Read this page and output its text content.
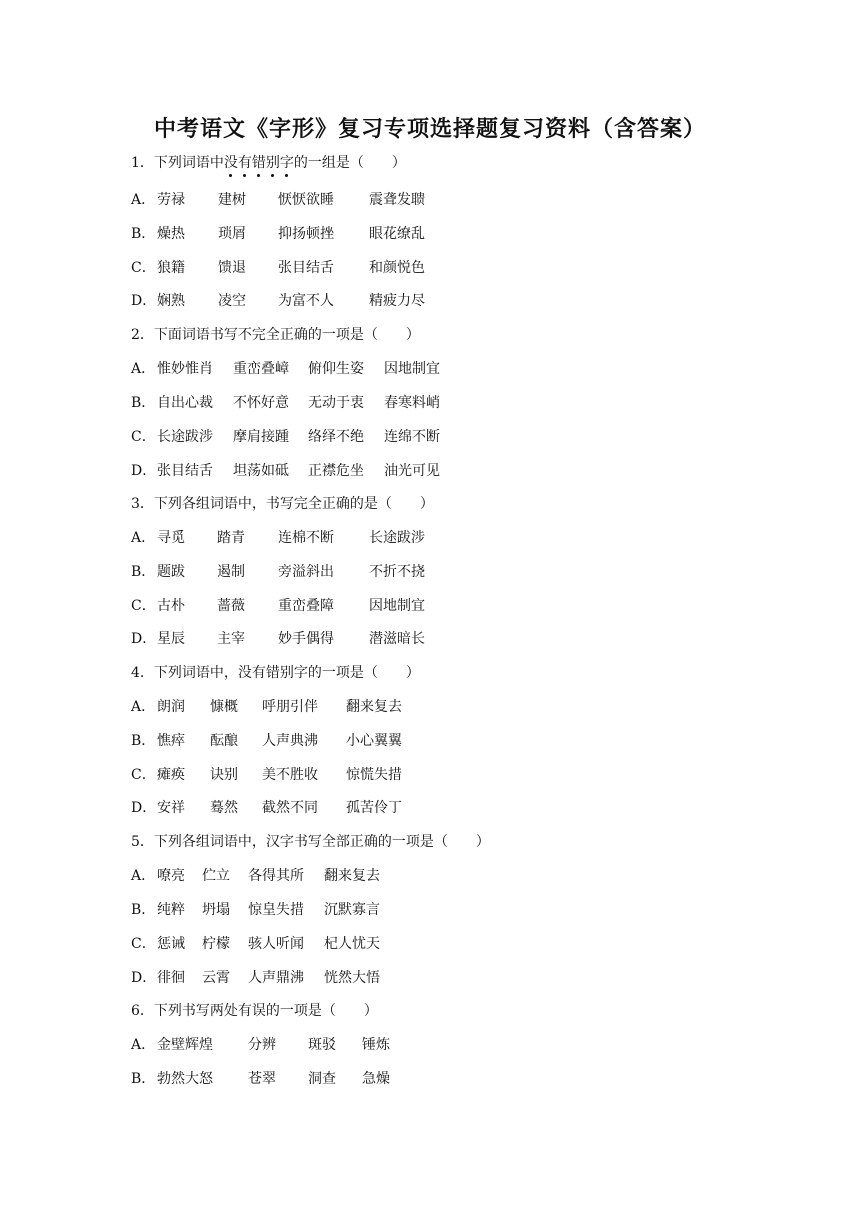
中考语文《字形》复习专项选择题复习资料（含答案）
1．下列词语中没有错别字的一组是（　　）
A． 劳禄 建树 恹恹欲睡	震聋发聩
B． 燥热 琐屑 抑扬顿挫	眼花缭乱
C．狼籍 馈退 张目结舌	和颜悦色
D．娴熟 凌空 为富不人	精疲力尽
2．下面词语书写不完全正确的一项是（　　）
A． 惟妙惟肖 重峦叠嶂 俯仰生姿 因地制宜
B． 自出心裁 不怀好意 无动于衷 春寒料峭
C．长途跋涉 摩肩接踵 络绎不绝 连绵不断
D．张目结舌 坦荡如砥 正襟危坐 油光可见
3．下列各组词语中，书写完全正确的是（　　）
A． 寻觅 踏青 连棉不断	长途跋涉
B． 题跋 遏制 旁溢斜出	不折不挠
C．古朴 蔷薇 重峦叠障	因地制宜
D．星辰 主宰 妙手偶得	潜滋暗长
4．下列词语中，没有错别字的一项是（　　）
A． 朗润 慷概 呼朋引伴 翻来复去
B． 憔瘁 酝酿 人声典沸 小心翼翼
C．瘫痪 诀别 美不胜收 惊慌失措
D．安祥 蓦然 截然不同 孤苦伶丁
5．下列各组词语中，汉字书写全部正确的一项是（　　）
A． 嘹亮 伫立 各得其所 翻来复去
B． 纯粹 坍塌 惊皇失措 沉默寡言
C．惩诫 柠檬 骇人听闻 杞人忧天
D．徘徊 云霄 人声鼎沸 恍然大悟
6．下列书写两处有误的一项是（　　）
A． 金壁辉煌	分辨 斑驳 锤炼
B． 勃然大怒	苍翠 洞查 急燥
